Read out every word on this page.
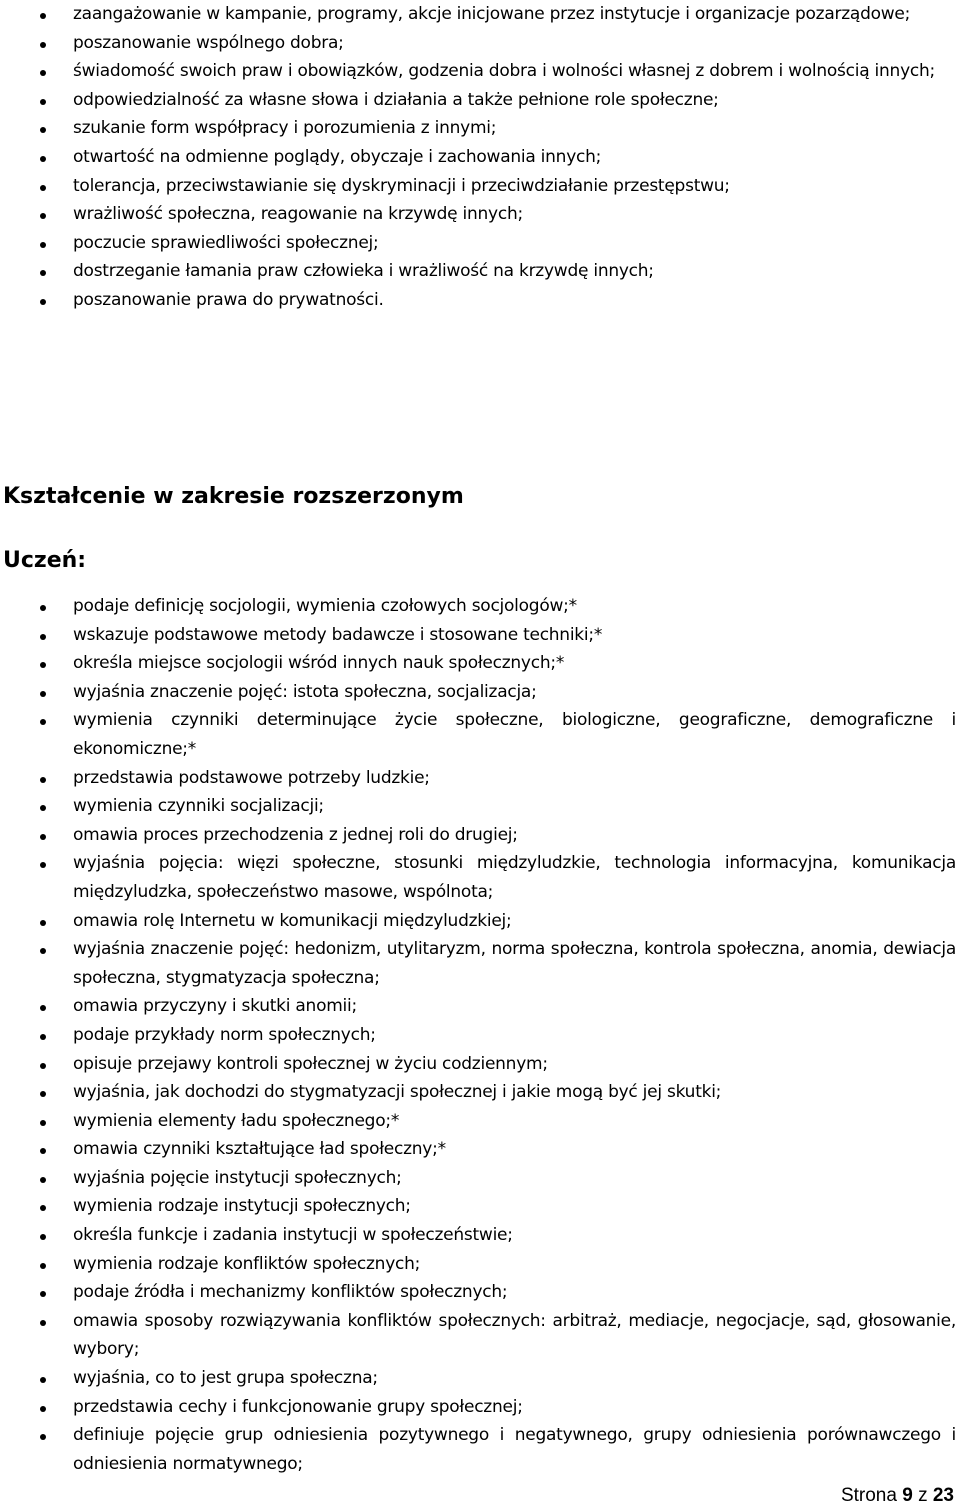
zaangażowanie w kampanie, programy, akcje inicjowane przez instytucje i organizacje pozarządowe;
poszanowanie wspólnego dobra;
świadomość swoich praw i obowiązków, godzenia dobra i wolności własnej z dobrem i wolnością innych;
odpowiedzialność za własne słowa i działania a także pełnione role społeczne;
szukanie form współpracy i porozumienia z innymi;
otwartość na odmienne poglądy, obyczaje i zachowania innych;
tolerancja, przeciwstawianie się dyskryminacji i przeciwdziałanie przestępstwu;
wrażliwość społeczna, reagowanie na krzywdę innych;
poczucie sprawiedliwości społecznej;
dostrzeganie łamania praw człowieka i wrażliwość na krzywdę innych;
poszanowanie prawa do prywatności.
Kształcenie w zakresie rozszerzonym
Uczeń:
podaje definicję socjologii, wymienia czołowych socjologów;*
wskazuje podstawowe metody badawcze i stosowane techniki;*
określa miejsce socjologii wśród innych nauk społecznych;*
wyjaśnia znaczenie pojęć: istota społeczna, socjalizacja;
wymienia czynniki determinujące życie społeczne, biologiczne, geograficzne, demograficzne i ekonomiczne;*
przedstawia podstawowe potrzeby ludzkie;
wymienia czynniki socjalizacji;
omawia proces przechodzenia z jednej roli do drugiej;
wyjaśnia pojęcia: więzi społeczne, stosunki międzyludzkie, technologia informacyjna, komunikacja międzyludzka, społeczeństwo masowe, wspólnota;
omawia rolę Internetu w komunikacji międzyludzkiej;
wyjaśnia znaczenie pojęć: hedonizm, utylitaryzm, norma społeczna, kontrola społeczna, anomia, dewiacja społeczna, stygmatyzacja społeczna;
omawia przyczyny i skutki anomii;
podaje przykłady norm społecznych;
opisuje przejawy kontroli społecznej w życiu codziennym;
wyjaśnia, jak dochodzi do stygmatyzacji społecznej i jakie mogą być jej skutki;
wymienia elementy ładu społecznego;*
omawia czynniki kształtujące ład społeczny;*
wyjaśnia pojęcie instytucji społecznych;
wymienia rodzaje instytucji społecznych;
określa funkcje i zadania instytucji w społeczeństwie;
wymienia rodzaje konfliktów społecznych;
podaje źródła i mechanizmy konfliktów społecznych;
omawia sposoby rozwiązywania konfliktów społecznych: arbitraż, mediacje, negocjacje, sąd, głosowanie, wybory;
wyjaśnia, co to jest grupa społeczna;
przedstawia cechy i funkcjonowanie grupy społecznej;
definiuje pojęcie grup odniesienia pozytywnego i negatywnego, grupy odniesienia porównawczego i odniesienia normatywnego;
Strona 9 z 23
